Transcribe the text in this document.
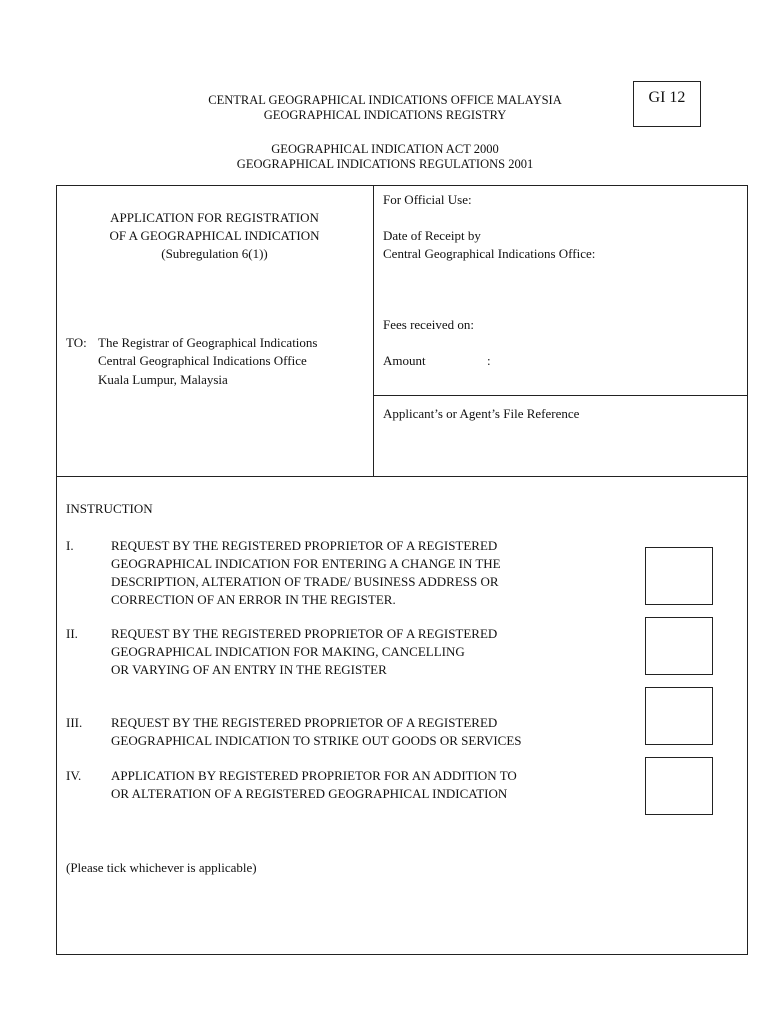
CENTRAL GEOGRAPHICAL INDICATIONS OFFICE MALAYSIA
GEOGRAPHICAL INDICATIONS REGISTRY
GEOGRAPHICAL INDICATION ACT 2000
GEOGRAPHICAL INDICATIONS REGULATIONS 2001
GI 12
APPLICATION FOR REGISTRATION
OF A GEOGRAPHICAL INDICATION
(Subregulation 6(1))
TO: The Registrar of Geographical Indications
Central Geographical Indications Office
Kuala Lumpur, Malaysia
For Official Use:
Date of Receipt by
Central Geographical Indications Office:
Fees received on:
Amount	:
Applicant’s or Agent’s File Reference
INSTRUCTION
I.	REQUEST BY THE REGISTERED PROPRIETOR OF A REGISTERED
GEOGRAPHICAL INDICATION FOR ENTERING A CHANGE IN THE
DESCRIPTION, ALTERATION OF TRADE/ BUSINESS ADDRESS OR
CORRECTION OF AN ERROR IN THE REGISTER.
II.	REQUEST BY THE REGISTERED PROPRIETOR OF A REGISTERED
GEOGRAPHICAL INDICATION FOR MAKING, CANCELLING
OR VARYING OF AN ENTRY IN THE REGISTER
III. REQUEST BY THE REGISTERED PROPRIETOR OF A REGISTERED
GEOGRAPHICAL INDICATION TO STRIKE OUT GOODS OR SERVICES
IV. APPLICATION BY REGISTERED PROPRIETOR FOR AN ADDITION TO
OR ALTERATION OF A REGISTERED GEOGRAPHICAL INDICATION
(Please tick whichever is applicable)
